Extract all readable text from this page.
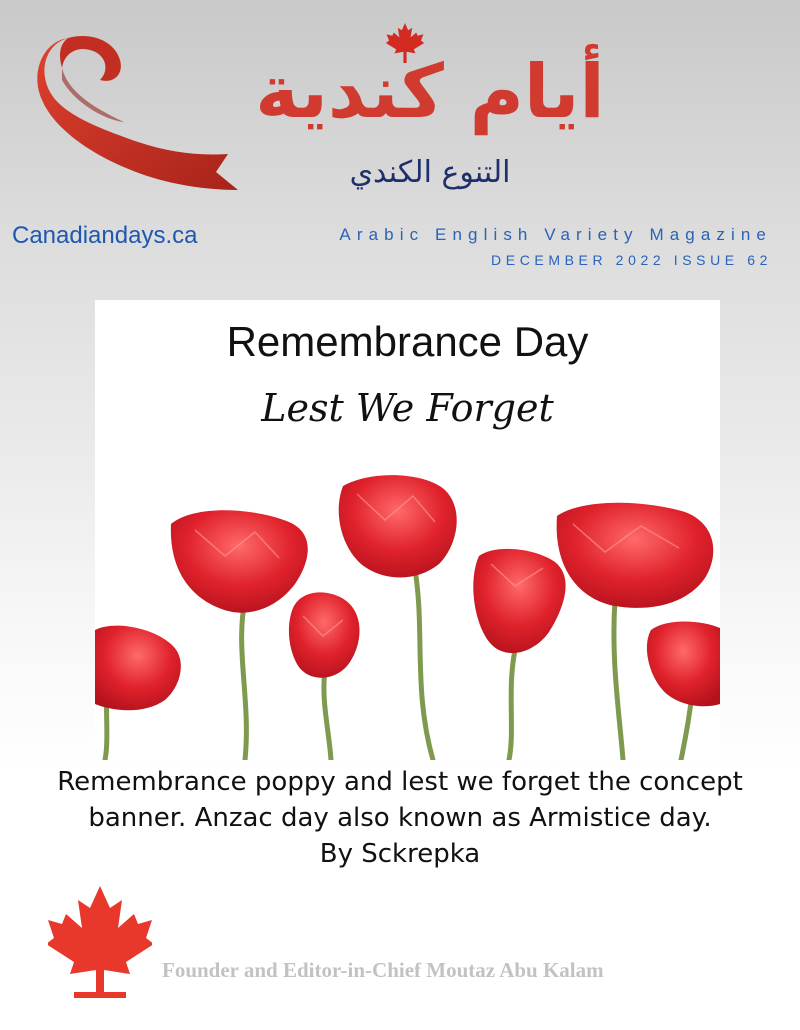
أيام كندية
التنوع الكندي
Canadiandays.ca	Arabic English Variety Magazine
DECEMBER 2022 ISSUE 62
Remembrance Day
Lest We Forget
Remembrance poppy and lest we forget the concept
banner. Anzac day also known as Armistice day.
By Sckrepka
Founder and Editor-in-Chief Moutaz Abu Kalam
